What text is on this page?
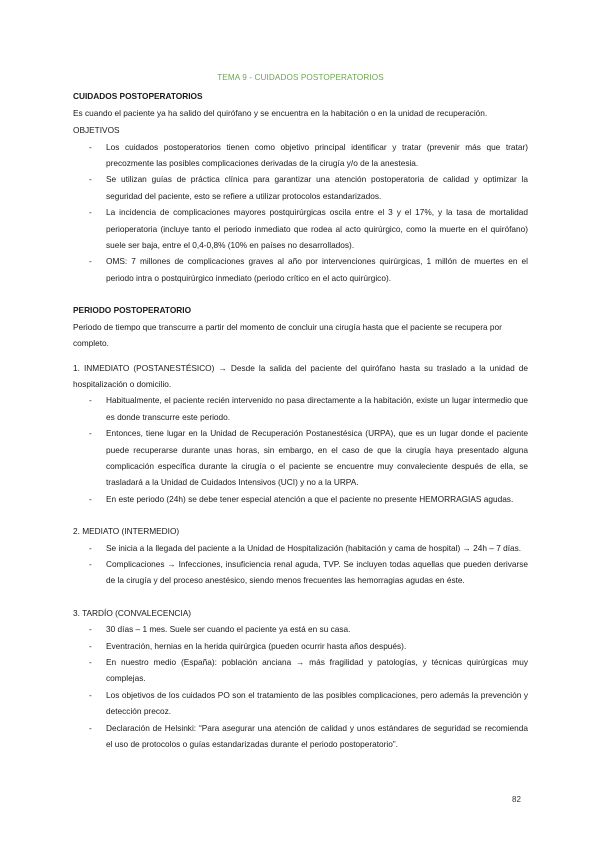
TEMA 9 - CUIDADOS POSTOPERATORIOS
CUIDADOS POSTOPERATORIOS

Es cuando el paciente ya ha salido del quirófano y se encuentra en la habitación o en la unidad de recuperación.

OBJETIVOS
- Los cuidados postoperatorios tienen como objetivo principal identificar y tratar (prevenir más que tratar) precozmente las posibles complicaciones derivadas de la cirugía y/o de la anestesia.
- Se utilizan guías de práctica clínica para garantizar una atención postoperatoria de calidad y optimizar la seguridad del paciente, esto se refiere a utilizar protocolos estandarizados.
- La incidencia de complicaciones mayores postquirúrgicas oscila entre el 3 y el 17%, y la tasa de mortalidad perioperatoria (incluye tanto el periodo inmediato que rodea al acto quirúrgico, como la muerte en el quirófano) suele ser baja, entre el 0,4-0,8% (10% en países no desarrollados).
- OMS: 7 millones de complicaciones graves al año por intervenciones quirúrgicas, 1 millón de muertes en el periodo intra o postquirúrgico inmediato (periodo crítico en el acto quirúrgico).
PERIODO POSTOPERATORIO

Periodo de tiempo que transcurre a partir del momento de concluir una cirugía hasta que el paciente se recupera por completo.

1. INMEDIATO (POSTANESTÉSICO) → Desde la salida del paciente del quirófano hasta su traslado a la unidad de hospitalización o domicilio.

- Habitualmente, el paciente recién intervenido no pasa directamente a la habitación, existe un lugar intermedio que es donde transcurre este periodo.
- Entonces, tiene lugar en la Unidad de Recuperación Postanestésica (URPA), que es un lugar donde el paciente puede recuperarse durante unas horas, sin embargo, en el caso de que la cirugía haya presentado alguna complicación específica durante la cirugía o el paciente se encuentre muy convaleciente después de ella, se trasladará a la Unidad de Cuidados Intensivos (UCI) y no a la URPA.
- En este periodo (24h) se debe tener especial atención a que el paciente no presente HEMORRAGIAS agudas.

2. MEDIATO (INTERMEDIO)

- Se inicia a la llegada del paciente a la Unidad de Hospitalización (habitación y cama de hospital) → 24h – 7 días.
- Complicaciones → Infecciones, insuficiencia renal aguda, TVP. Se incluyen todas aquellas que pueden derivarse de la cirugía y del proceso anestésico, siendo menos frecuentes las hemorragias agudas en éste.

3. TARDÍO (CONVALECENCIA)

- 30 días – 1 mes. Suele ser cuando el paciente ya está en su casa.
- Eventración, hernias en la herida quirúrgica (pueden ocurrir hasta años después).
- En nuestro medio (España): población anciana → más fragilidad y patologías, y técnicas quirúrgicas muy complejas.
- Los objetivos de los cuidados PO son el tratamiento de las posibles complicaciones, pero además la prevención y detección precoz.
- Declaración de Helsinki: “Para asegurar una atención de calidad y unos estándares de seguridad se recomienda el uso de protocolos o guías estandarizadas durante el periodo postoperatorio”.
82
